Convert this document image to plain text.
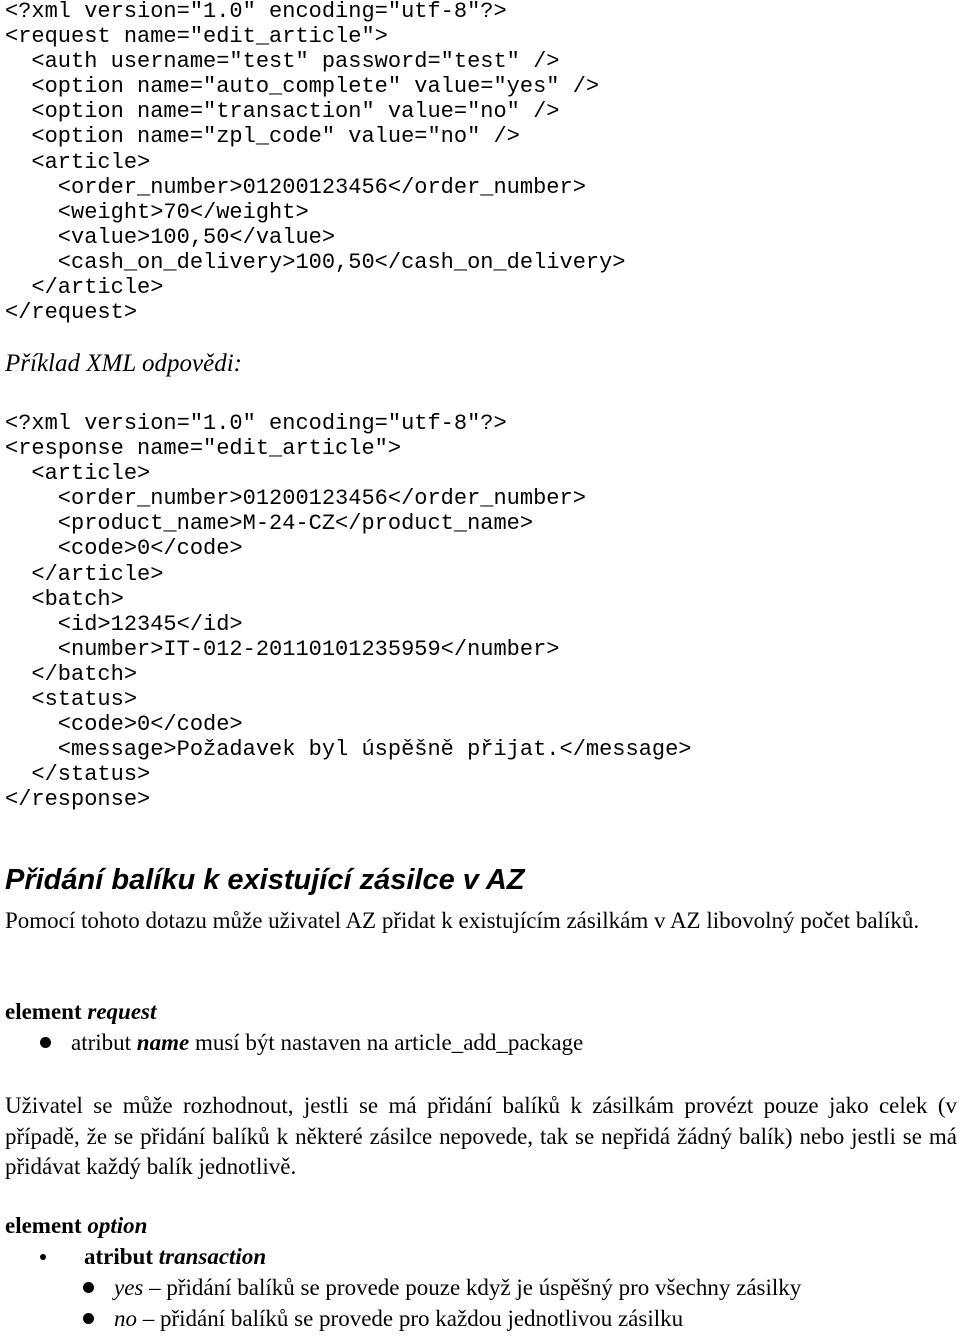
<?xml version="1.0" encoding="utf-8"?>
<request name="edit_article">
<auth username="test" password="test" />
<option name="auto_complete" value="yes" />
<option name="transaction" value="no" />
<option name="zpl_code" value="no" />
<article>
<order_number>01200123456</order_number>
<weight>70</weight>
<value>100,50</value>
<cash_on_delivery>100,50</cash_on_delivery>
</article>
</request>
Příklad XML odpovědi:
<?xml version="1.0" encoding="utf-8"?>
<response name="edit_article">
<article>
<order_number>01200123456</order_number>
<product_name>M-24-CZ</product_name>
<code>0</code>
</article>
<batch>
<id>12345</id>
<number>IT-012-20110101235959</number>
</batch>
<status>
<code>0</code>
<message>Požadavek byl úspěšně přijat.</message>
</status>
</response>
Přidání balíku k existující zásilce v AZ
Pomocí tohoto dotazu může uživatel AZ přidat k existujícím zásilkám v AZ libovolný počet balíků.
element request
atribut name musí být nastaven na article_add_package
Uživatel se může rozhodnout, jestli se má přidání balíků k zásilkám provézt pouze jako celek (v případě, že se přidání balíků k některé zásilce nepovede, tak se nepřidá žádný balík) nebo jestli se má přidávat každý balík jednotlivě.
element option
atribut transaction
yes – přidání balíků se provede pouze když je úspěšný pro všechny zásilky
no – přidání balíků se provede pro každou jednotlivou zásilku
